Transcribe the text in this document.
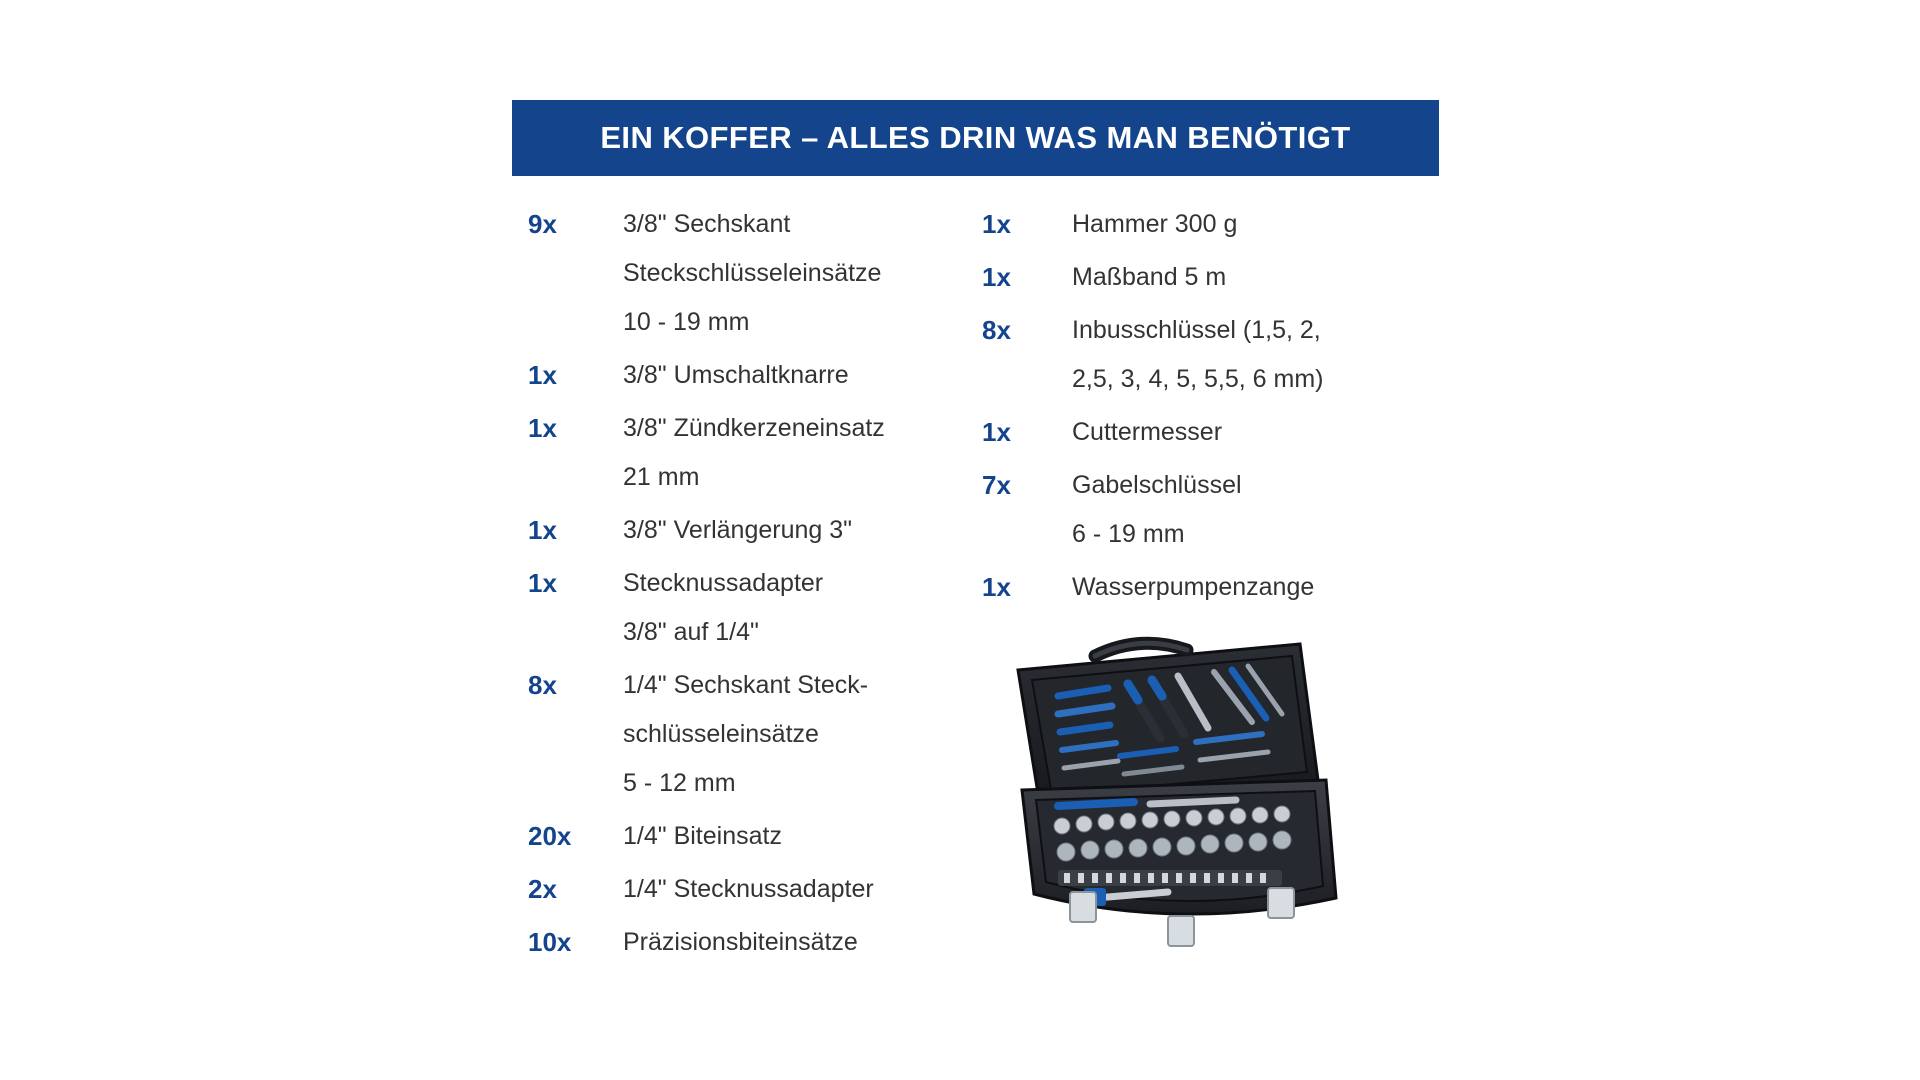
EIN KOFFER – ALLES DRIN WAS MAN BENÖTIGT
9x	3/8" Sechskant
Steckschlüsseleinsätze
10 - 19 mm
1x	3/8" Umschaltknarre
1x	3/8" Zündkerzeneinsatz
21 mm
1x	3/8" Verlängerung 3"
1x	Stecknussadapter
3/8" auf 1/4"
8x	1/4" Sechskant Steck-
schlüsseleinsätze
5 - 12 mm
20x	1/4" Biteinsatz
2x	1/4" Stecknussadapter
10x	Präzisionsbiteinsätze
1x	Hammer 300 g
1x	Maßband 5 m
8x	Inbusschlüssel (1,5, 2,
2,5, 3, 4, 5, 5,5, 6 mm)
1x	Cuttermesser
7x	Gabelschlüssel
6 - 19 mm
1x	Wasserpumpenzange
